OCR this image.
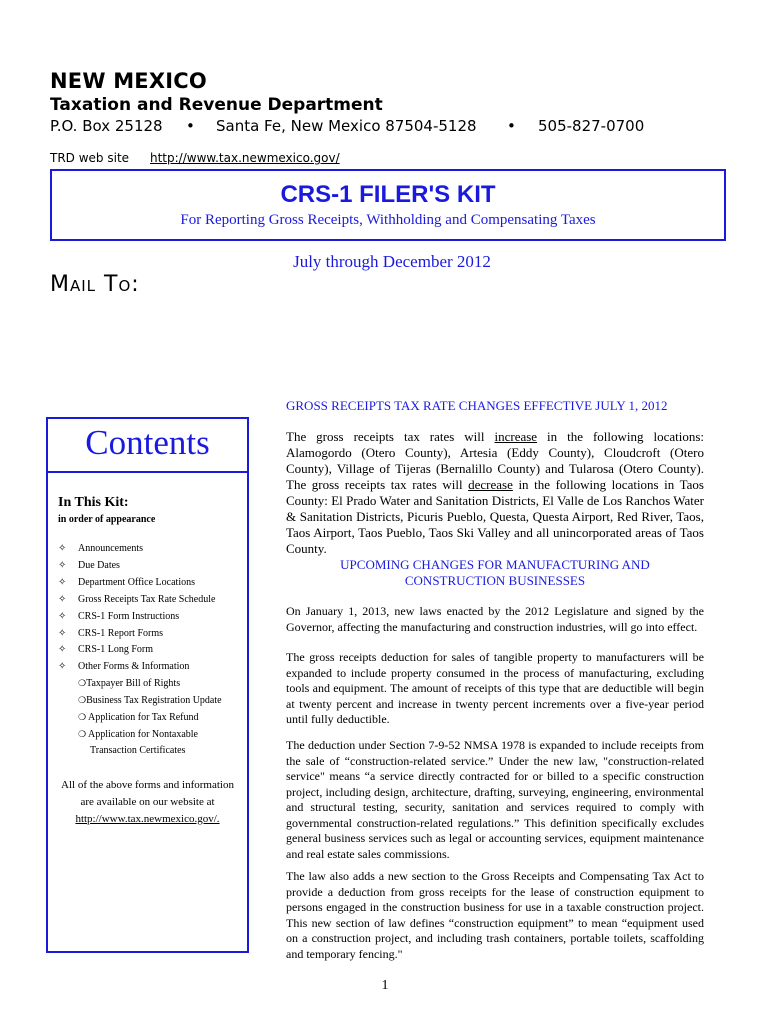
NEW MEXICO
Taxation and Revenue Department
P.O. Box 25128 • Santa Fe, New Mexico 87504-5128 • 505-827-0700
TRD web site http://www.tax.newmexico.gov/
CRS-1 FILER'S KIT
For Reporting Gross Receipts, Withholding and Compensating Taxes
July through December 2012
Mail To:
Contents
In This Kit:
in order of appearance
✧ Announcements
✧ Due Dates
✧ Department Office Locations
✧ Gross Receipts Tax Rate Schedule
✧ CRS-1 Form Instructions
✧ CRS-1 Report Forms
✧ CRS-1 Long Form
✧ Other Forms & Information
❍Taxpayer Bill of Rights
❍Business Tax Registration Update
❍ Application for Tax Refund
❍ Application for Nontaxable
Transaction Certificates
All of the above forms and information
are available on our website at
http://www.tax.newmexico.gov/.
GROSS RECEIPTS TAX RATE CHANGES EFFECTIVE JULY 1, 2012
The gross receipts tax rates will increase in the following locations: Alamogordo (Otero County), Artesia (Eddy County), Cloudcroft (Otero County), Village of Tijeras (Bernalillo County) and Tularosa (Otero County). The gross receipts tax rates will decrease in the following locations in Taos County: El Prado Water and Sanitation Districts, El Valle de Los Ranchos Water & Sanitation Districts, Picuris Pueblo, Questa, Questa Airport, Red River, Taos, Taos Airport, Taos Pueblo, Taos Ski Valley and all unincorporated areas of Taos County.
UPCOMING CHANGES FOR MANUFACTURING AND
CONSTRUCTION BUSINESSES
On January 1, 2013, new laws enacted by the 2012 Legislature and signed by the Governor, affecting the manufacturing and construction industries, will go into effect.
The gross receipts deduction for sales of tangible property to manufacturers will be expanded to include property consumed in the process of manufacturing, excluding tools and equipment. The amount of receipts of this type that are deductible will begin at twenty percent and increase in twenty percent increments over a five-year period until fully deductible.
The deduction under Section 7-9-52 NMSA 1978 is expanded to include receipts from the sale of “construction-related service.” Under the new law, "construction-related service" means “a service directly contracted for or billed to a specific construction project, including design, architecture, drafting, surveying, engineering, environmental and structural testing, security, sanitation and services required to comply with governmental construction-related regulations.” This definition specifically excludes general business services such as legal or accounting services, equipment maintenance and real estate sales commissions.
The law also adds a new section to the Gross Receipts and Compensating Tax Act to provide a deduction from gross receipts for the lease of construction equipment to persons engaged in the construction business for use in a taxable construction project. This new section of law defines “construction equipment” to mean “equipment used on a construction project, and including trash containers, portable toilets, scaffolding and temporary fencing."
1
